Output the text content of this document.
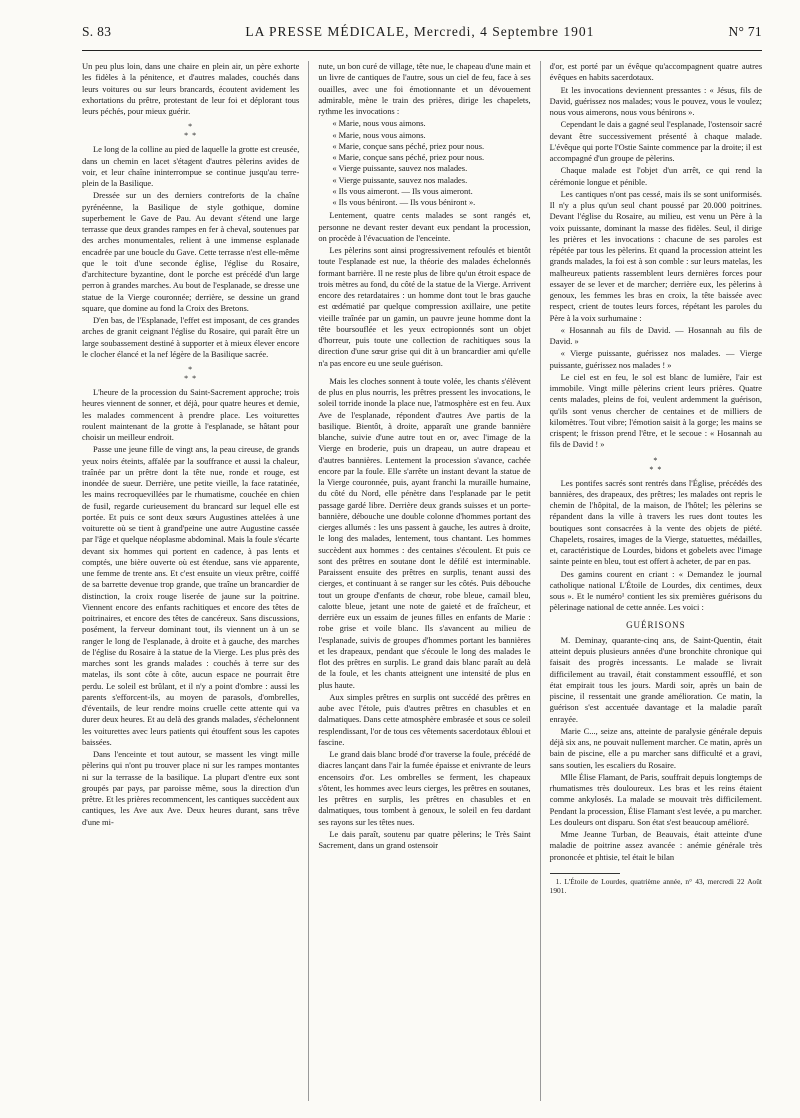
S. 83	LA PRESSE MÉDICALE, Mercredi, 4 Septembre 1901	N° 71

Un peu plus loin, dans une chaire en plein air, un père exhorte les fidèles à la pénitence, et d'autres malades, couchés dans leurs voitures ou sur leurs brancards, écoutent avidement les exhortations du prêtre, protestant de leur foi et déplorant tous leurs péchés, pour mieux guérir.

*
* *

Le long de la colline au pied de laquelle la grotte est creusée, dans un chemin en lacet s'étagent d'autres pèlerins avides de voir, et leur chaîne ininterrompue se continue jusqu'au terre-plein de la Basilique.

Dressée sur un des derniers contreforts de la chaîne pyrénéenne, la Basilique de style gothique, domine superbement le Gave de Pau. Au devant s'étend une large terrasse que deux grandes rampes en fer à cheval, soutenues par des arches monumentales, relient à une immense esplanade encadrée par une boucle du Gave. Cette terrasse n'est elle-même que le toit d'une seconde église, l'église du Rosaire, d'architecture byzantine, dont le porche est précédé d'un large perron à grandes marches. Au bout de l'esplanade, se dresse une statue de la Vierge couronnée; derrière, se dessine un grand square, que domine au fond la Croix des Bretons.

D'en bas, de l'Esplanade, l'effet est imposant, de ces grandes arches de granit ceignant l'église du Rosaire, qui paraît être un large soubassement destiné à supporter et à mieux élever encore le clocher élancé et la nef légère de la Basilique sacrée.

*
* *

L'heure de la procession du Saint-Sacrement approche; trois heures viennent de sonner, et déjà, pour quatre heures et demie, les malades commencent à prendre place. Les voiturettes roulent maintenant de la grotte à l'esplanade, se hâtant pour choisir un meilleur endroit.

Passe une jeune fille de vingt ans, la peau cireuse, de grands yeux noirs éteints, affalée par la souffrance et aussi la chaleur, traînée par un prêtre dont la tête nue, ronde et rouge, est inondée de sueur. Derrière, une petite vieille, la face ratatinée, les mains recroquevillées par le rhumatisme, couchée en chien de fusil, regarde curieusement du brancard sur lequel elle est portée. Et puis ce sont deux sœurs Augustines attelées à une voiturette où se tient à grand'peine une autre Augustine cassée par l'âge et quelque néoplasme abdominal. Mais la foule s'écarte devant six hommes qui portent en cadence, à pas lents et comptés, une bière ouverte où est étendue, sans vie apparente, une femme de trente ans. Et c'est ensuite un vieux prêtre, coiffé de sa barrette devenue trop grande, que traîne un brancardier de distinction, la croix rouge liserée de jaune sur la poitrine. Viennent encore des enfants rachitiques et encore des têtes de poitrinaires, et encore des têtes de cancéreux. Sans discussions, posément, la ferveur dominant tout, ils viennent un à un se ranger le long de l'esplanade, à droite et à gauche, des marches de l'église du Rosaire à la statue de la Vierge. Les plus près des marches sont les grands malades : couchés à terre sur des matelas, ils sont côte à côte, aucun espace ne pourrait être perdu. Le soleil est brûlant, et il n'y a point d'ombre : aussi les parents s'efforcent-ils, au moyen de parasols, d'ombrelles, d'éventails, de leur rendre moins cruelle cette attente qui va durer deux heures. Et au delà des grands malades, s'échelonnent les voiturettes avec leurs patients qui étouffent sous les capotes baissées.

Dans l'enceinte et tout autour, se massent les vingt mille pèlerins qui n'ont pu trouver place ni sur les rampes montantes ni sur la terrasse de la basilique. La plupart d'entre eux sont groupés par pays, par paroisse même, sous la direction d'un prêtre. Et les prières recommencent, les cantiques succèdent aux cantiques, les Ave aux Ave. Deux heures durant, sans trêve d'une mi-

nute, un bon curé de village, tête nue, le chapeau d'une main et un livre de cantiques de l'autre, sous un ciel de feu, face à ses ouailles, avec une foi émotionnante et un dévouement admirable, mène le train des prières, dirige les chapelets, rythme les invocations :

« Marie, nous vous aimons.
« Marie, nous vous aimons.
« Marie, conçue sans péché, priez pour nous.
« Marie, conçue sans péché, priez pour nous.
« Vierge puissante, sauvez nos malades.
« Vierge puissante, sauvez nos malades.
« Ils vous aimeront. — Ils vous aimeront.
« Ils vous béniront. — Ils vous béniront ».

Lentement, quatre cents malades se sont rangés et, personne ne devant rester devant eux pendant la procession, on procède à l'évacuation de l'enceinte.

Les pèlerins sont ainsi progressivement refoulés et bientôt toute l'esplanade est nue, la théorie des malades échelonnés formant barrière. Il ne reste plus de libre qu'un étroit espace de trois mètres au fond, du côté de la statue de la Vierge. Arrivent encore des retardataires : un homme dont tout le bras gauche est œdématié par quelque compression axillaire, une petite vieille traînée par un gamin, un pauvre jeune homme dont la tête boursouflée et les yeux ectropionnés sont un objet d'horreur, puis toute une collection de rachitiques sous la direction d'une sœur grise qui dit à un brancardier ami qu'elle n'a pas encore eu une seule guérison.

Mais les cloches sonnent à toute volée, les chants s'élèvent de plus en plus nourris, les prêtres pressent les invocations, le soleil torride inonde la place nue, l'atmosphère est en feu. Aux Ave de l'esplanade, répondent d'autres Ave partis de la basilique. Bientôt, à droite, apparaît une grande bannière blanche, suivie d'une autre tout en or, avec l'image de la Vierge en broderie, puis un drapeau, un autre drapeau et d'autres bannières. Lentement la procession s'avance, cachée encore par la foule. Elle s'arrête un instant devant la statue de la Vierge couronnée, puis, ayant franchi la muraille humaine, du côté du Nord, elle pénètre dans l'esplanade par le petit passage gardé libre. Derrière deux grands suisses et un porte-bannière, débouche une double colonne d'hommes portant des cierges allumés : les uns passent à gauche, les autres à droite, le long des malades, lentement, tous chantant. Les hommes succèdent aux hommes : des centaines s'écoulent. Et puis ce sont des prêtres en soutane dont le défilé est interminable. Paraissent ensuite des prêtres en surplis, tenant aussi des cierges, et continuant à se ranger sur les côtés. Puis débouche tout un groupe d'enfants de chœur, robe bleue, camail bleu, calotte bleue, jetant une note de gaieté et de fraîcheur, et derrière eux un essaim de jeunes filles en enfants de Marie : robe grise et voile blanc. Ils s'avancent au milieu de l'esplanade, suivis de groupes d'hommes portant les bannières et les drapeaux, pendant que s'écoule le long des malades le flot des prêtres en surplis. Le grand dais blanc paraît au delà de la foule, et les chants atteignent une intensité de plus en plus haute.

Aux simples prêtres en surplis ont succédé des prêtres en aube avec l'étole, puis d'autres prêtres en chasubles et en dalmatiques. Dans cette atmosphère embrasée et sous ce soleil resplendissant, l'or de tous ces vêtements sacerdotaux ébloui et fascine.

Le grand dais blanc brodé d'or traverse la foule, précédé de diacres lançant dans l'air la fumée épaisse et enivrante de leurs encensoirs d'or. Les ombrelles se ferment, les chapeaux s'ôtent, les hommes avec leurs cierges, les prêtres en soutanes, les prêtres en surplis, les prêtres en chasubles et en dalmatiques, tous tombent à genoux, le soleil en feu dardant ses rayons sur les têtes nues.

Le dais paraît, soutenu par quatre pèlerins; le Très Saint Sacrement, dans un grand ostensoir

d'or, est porté par un évêque qu'accompagnent quatre autres évêques en habits sacerdotaux.

Et les invocations deviennent pressantes : « Jésus, fils de David, guérissez nos malades; vous le pouvez, vous le voulez; nous vous aimerons, nous vous bénirons ».

Cependant le dais a gagné seul l'esplanade, l'ostensoir sacré devant être successivement présenté à chaque malade. L'évêque qui porte l'Ostie Sainte commence par la droite; il est accompagné d'un groupe de pèlerins.

Chaque malade est l'objet d'un arrêt, ce qui rend la cérémonie longue et pénible.

Les cantiques n'ont pas cessé, mais ils se sont uniformisés. Il n'y a plus qu'un seul chant poussé par 20.000 poitrines. Devant l'église du Rosaire, au milieu, est venu un Père à la voix puissante, dominant la masse des fidèles. Seul, il dirige les prières et les invocations : chacune de ses paroles est répétée par tous les pèlerins. Et quand la procession atteint les grands malades, la foi est à son comble : sur leurs matelas, les malheureux patients rassemblent leurs dernières forces pour essayer de se lever et de marcher; derrière eux, les pèlerins à genoux, les femmes les bras en croix, la tête baissée avec respect, crient de toutes leurs forces, répétant les paroles du Père à la voix surhumaine :

« Hosannah au fils de David. — Hosannah au fils de David. »

« Vierge puissante, guérissez nos malades. — Vierge puissante, guérissez nos malades ! »

Le ciel est en feu, le sol est blanc de lumière, l'air est immobile. Vingt mille pèlerins crient leurs prières. Quatre cents malades, pleins de foi, veulent ardemment la guérison, qu'ils sont venus chercher de centaines et de milliers de kilomètres. Tout vibre; l'émotion saisit à la gorge; les mains se crispent; le frisson prend l'être, et le secoue : « Hosannah au fils de David ! »

*
* *

Les pontifes sacrés sont rentrés dans l'Église, précédés des bannières, des drapeaux, des prêtres; les malades ont repris le chemin de l'hôpital, de la maison, de l'hôtel; les pèlerins se répandent dans la ville à travers les rues dont toutes les boutiques sont consacrées à la vente des objets de piété. Chapelets, rosaires, images de la Vierge, statuettes, médailles, et, caractéristique de Lourdes, bidons et gobelets avec l'image sainte peinte en bleu, tout est offert à acheter, de par en pas.

Des gamins courent en criant : « Demandez le journal catholique national L'Étoile de Lourdes, dix centimes, deux sous ». Et le numéro¹ contient les six premières guérisons du pèlerinage national de cette année. Les voici :

GUÉRISONS

M. Deminay, quarante-cinq ans, de Saint-Quentin, était atteint depuis plusieurs années d'une bronchite chronique qui faisait des progrès incessants. Le malade se livrait difficilement au travail, était constamment essoufflé, et son état empirait tous les jours. Mardi soir, après un bain de piscine, il ressentait une grande amélioration. Ce matin, la guérison s'est accentuée davantage et la maladie paraît enrayée.

Marie C..., seize ans, atteinte de paralysie générale depuis déjà six ans, ne pouvait nullement marcher. Ce matin, après un bain de piscine, elle a pu marcher sans difficulté et a gravi, sans soutien, les escaliers du Rosaire.

Mlle Élise Flamant, de Paris, souffrait depuis longtemps de rhumatismes très douloureux. Les bras et les reins étaient comme ankylosés. La malade se mouvait très difficilement. Pendant la procession, Élise Flamant s'est levée, a pu marcher. Les douleurs ont disparu. Son état s'est beaucoup amélioré.

Mme Jeanne Turban, de Beauvais, était atteinte d'une maladie de poitrine assez avancée : anémie générale très prononcée et phtisie, tel était le bilan

1. L'Étoile de Lourdes, quatrième année, n° 43, mercredi 22 Août 1901.
